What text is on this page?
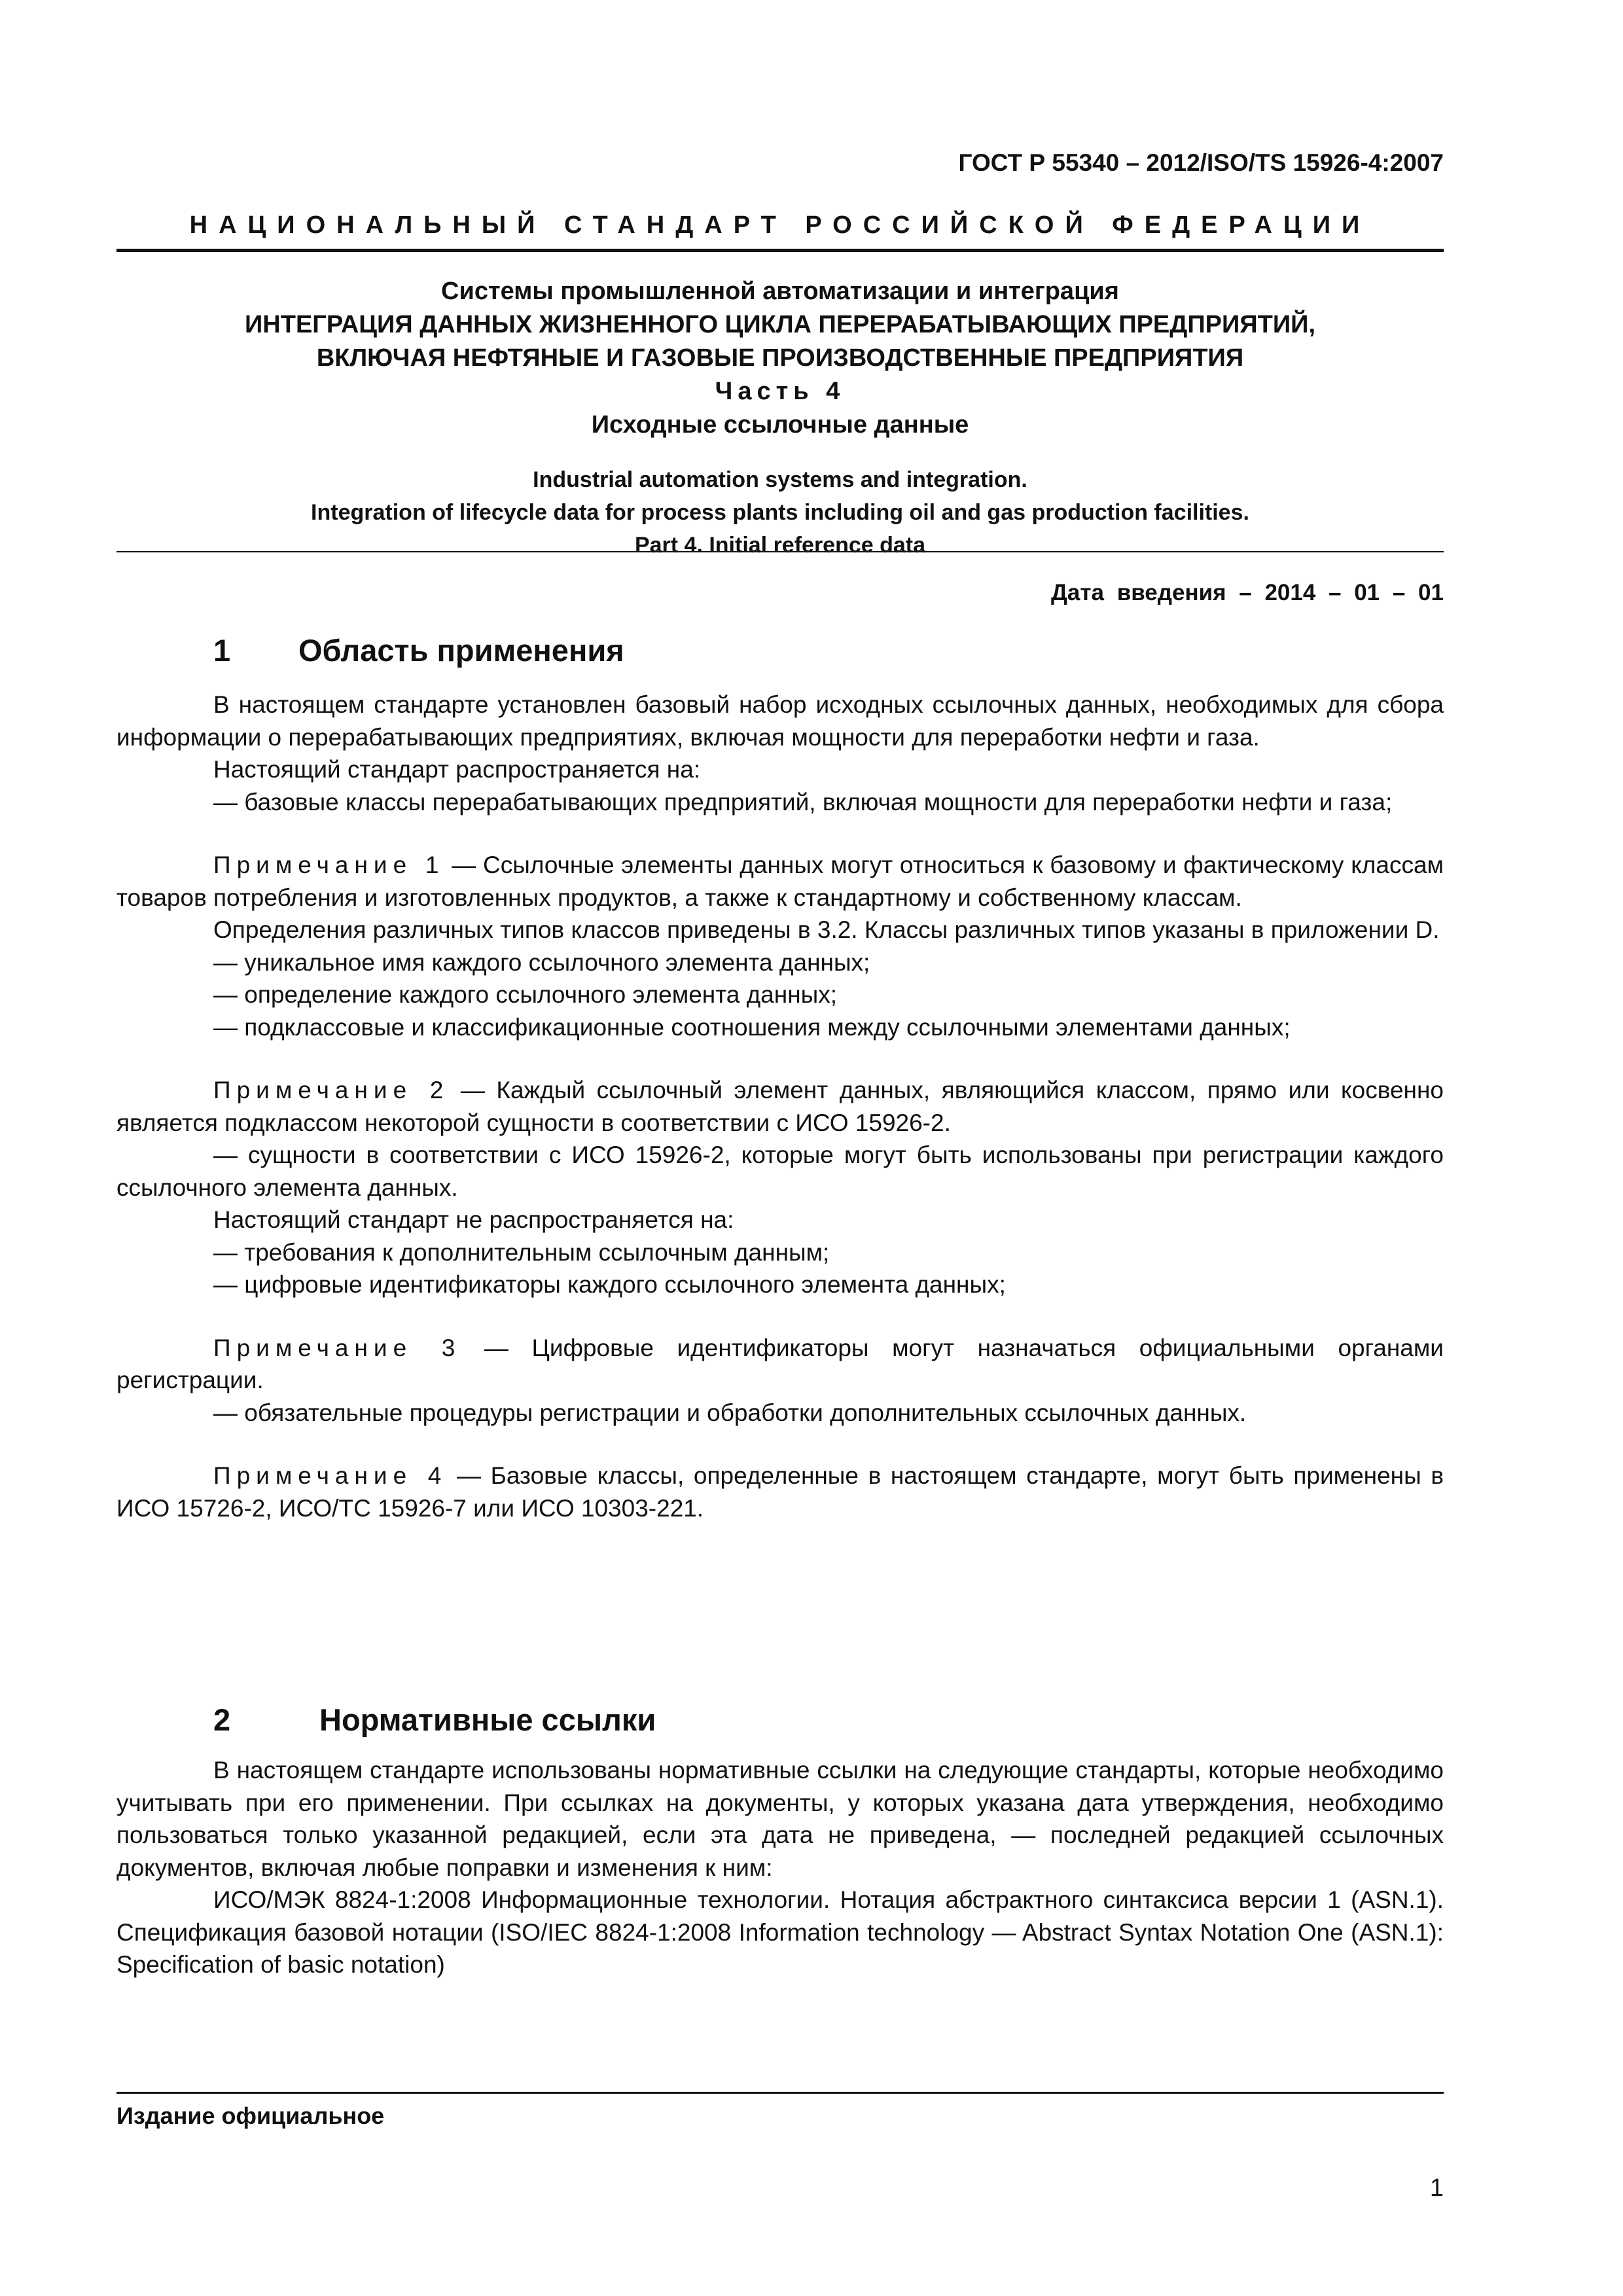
ГОСТ Р 55340 – 2012/ISO/TS 15926-4:2007
НАЦИОНАЛЬНЫЙ СТАНДАРТ РОССИЙСКОЙ ФЕДЕРАЦИИ
Системы промышленной автоматизации и интеграция
ИНТЕГРАЦИЯ ДАННЫХ ЖИЗНЕННОГО ЦИКЛА ПЕРЕРАБАТЫВАЮЩИХ ПРЕДПРИЯТИЙ,
ВКЛЮЧАЯ НЕФТЯНЫЕ И ГАЗОВЫЕ ПРОИЗВОДСТВЕННЫЕ ПРЕДПРИЯТИЯ
Часть 4
Исходные ссылочные данные
Industrial automation systems and integration.
Integration of lifecycle data for process plants including oil and gas production facilities.
Part 4. Initial reference data
Дата введения – 2014 – 01 – 01
1 Область применения

В настоящем стандарте установлен базовый набор исходных ссылочных данных, необходимых для сбора информации о перерабатывающих предприятиях, включая мощности для переработки нефти и газа.

Настоящий стандарт распространяется на:

— базовые классы перерабатывающих предприятий, включая мощности для переработки нефти и газа;

Примечание 1 — Ссылочные элементы данных могут относиться к базовому и фактическому классам товаров потребления и изготовленных продуктов, а также к стандартному и собственному классам.

Определения различных типов классов приведены в 3.2. Классы различных типов указаны в приложении D.

— уникальное имя каждого ссылочного элемента данных;

— определение каждого ссылочного элемента данных;

— подклассовые и классификационные соотношения между ссылочными элементами данных;

Примечание 2 — Каждый ссылочный элемент данных, являющийся классом, прямо или косвенно является подклассом некоторой сущности в соответствии с ИСО 15926-2.

— сущности в соответствии с ИСО 15926-2, которые могут быть использованы при регистрации каждого ссылочного элемента данных.

Настоящий стандарт не распространяется на:

— требования к дополнительным ссылочным данным;

— цифровые идентификаторы каждого ссылочного элемента данных;

Примечание 3 — Цифровые идентификаторы могут назначаться официальными органами регистрации.

— обязательные процедуры регистрации и обработки дополнительных ссылочных данных.

Примечание 4 — Базовые классы, определенные в настоящем стандарте, могут быть применены в ИСО 15726-2, ИСО/ТС 15926-7 или ИСО 10303-221.

2	Нормативные ссылки

В настоящем стандарте использованы нормативные ссылки на следующие стандарты, которые необходимо учитывать при его применении. При ссылках на документы, у которых указана дата утверждения, необходимо пользоваться только указанной редакцией, если эта дата не приведена, — последней редакцией ссылочных документов, включая любые поправки и изменения к ним:

ИСО/МЭК 8824-1:2008 Информационные технологии. Нотация абстрактного синтаксиса версии 1 (ASN.1). Спецификация базовой нотации (ISO/IEC 8824-1:2008 Information technology — Abstract Syntax Notation One (ASN.1): Specification of basic notation)

Издание официальное
1
